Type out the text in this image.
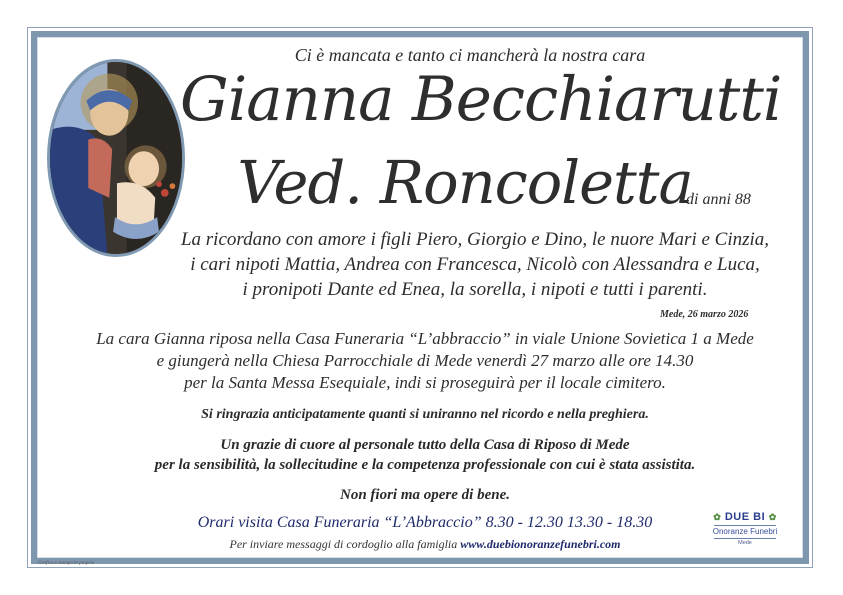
Ci è mancata e tanto ci mancherà la nostra cara
Gianna Becchiarutti
Ved. Roncoletta
di anni 88
La ricordano con amore i figli Piero, Giorgio e Dino, le nuore Mari e Cinzia,
i cari nipoti Mattia, Andrea con Francesca, Nicolò con Alessandra e Luca,
i pronipoti Dante ed Enea, la sorella, i nipoti e tutti i parenti.
Mede, 26 marzo 2026
La cara Gianna riposa nella Casa Funeraria “L’abbraccio” in viale Unione Sovietica 1 a Mede
e giungerà nella Chiesa Parrocchiale di Mede venerdì 27 marzo alle ore 14.30
per la Santa Messa Esequiale, indi si proseguirà per il locale cimitero.
Si ringrazia anticipatamente quanti si uniranno nel ricordo e nella preghiera.
Un grazie di cuore al personale tutto della Casa di Riposo di Mede
per la sensibilità, la sollecitudine e la competenza professionale con cui è stata assistita.
Non fiori ma opere di bene.
Orari visita Casa Funeraria “L’Abbraccio” 8.30 - 12.30 13.30 - 18.30
Per inviare messaggi di cordoglio alla famiglia www.duebionoranzefunebri.com
✿ DUE BI ✿
Onoranze Funebri
Mede
Grafica e stampa in proprio
